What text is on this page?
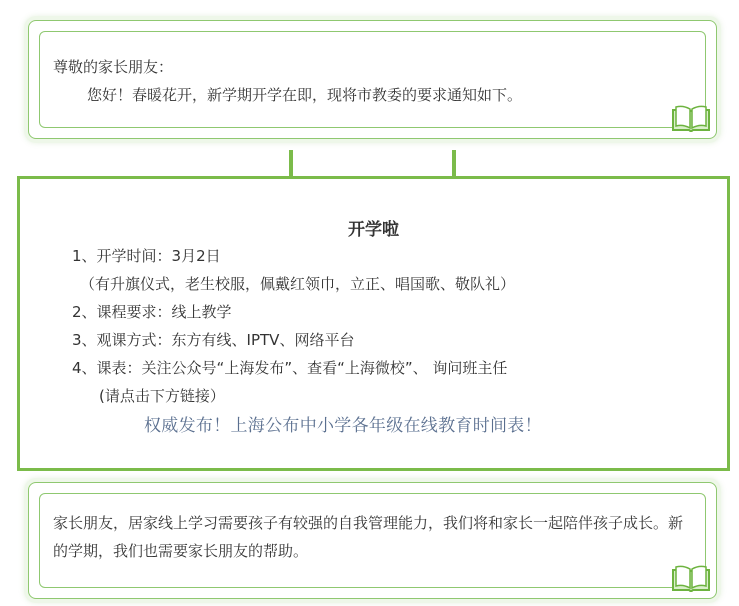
尊敬的家长朋友：
您好！春暖花开，新学期开学在即，现将市教委的要求通知如下。
开学啦
1、开学时间：3月2日
（有升旗仪式，老生校服，佩戴红领巾，立正、唱国歌、敬队礼）
2、课程要求：线上教学
3、观课方式：东方有线、IPTV、网络平台
4、课表：关注公众号“上海发布”、查看“上海微校”、 询问班主任
(请点击下方链接）
权威发布！上海公布中小学各年级在线教育时间表！
家长朋友，居家线上学习需要孩子有较强的自我管理能力，我们将和家长一起陪伴孩子成长。新的学期，我们也需要家长朋友的帮助。
